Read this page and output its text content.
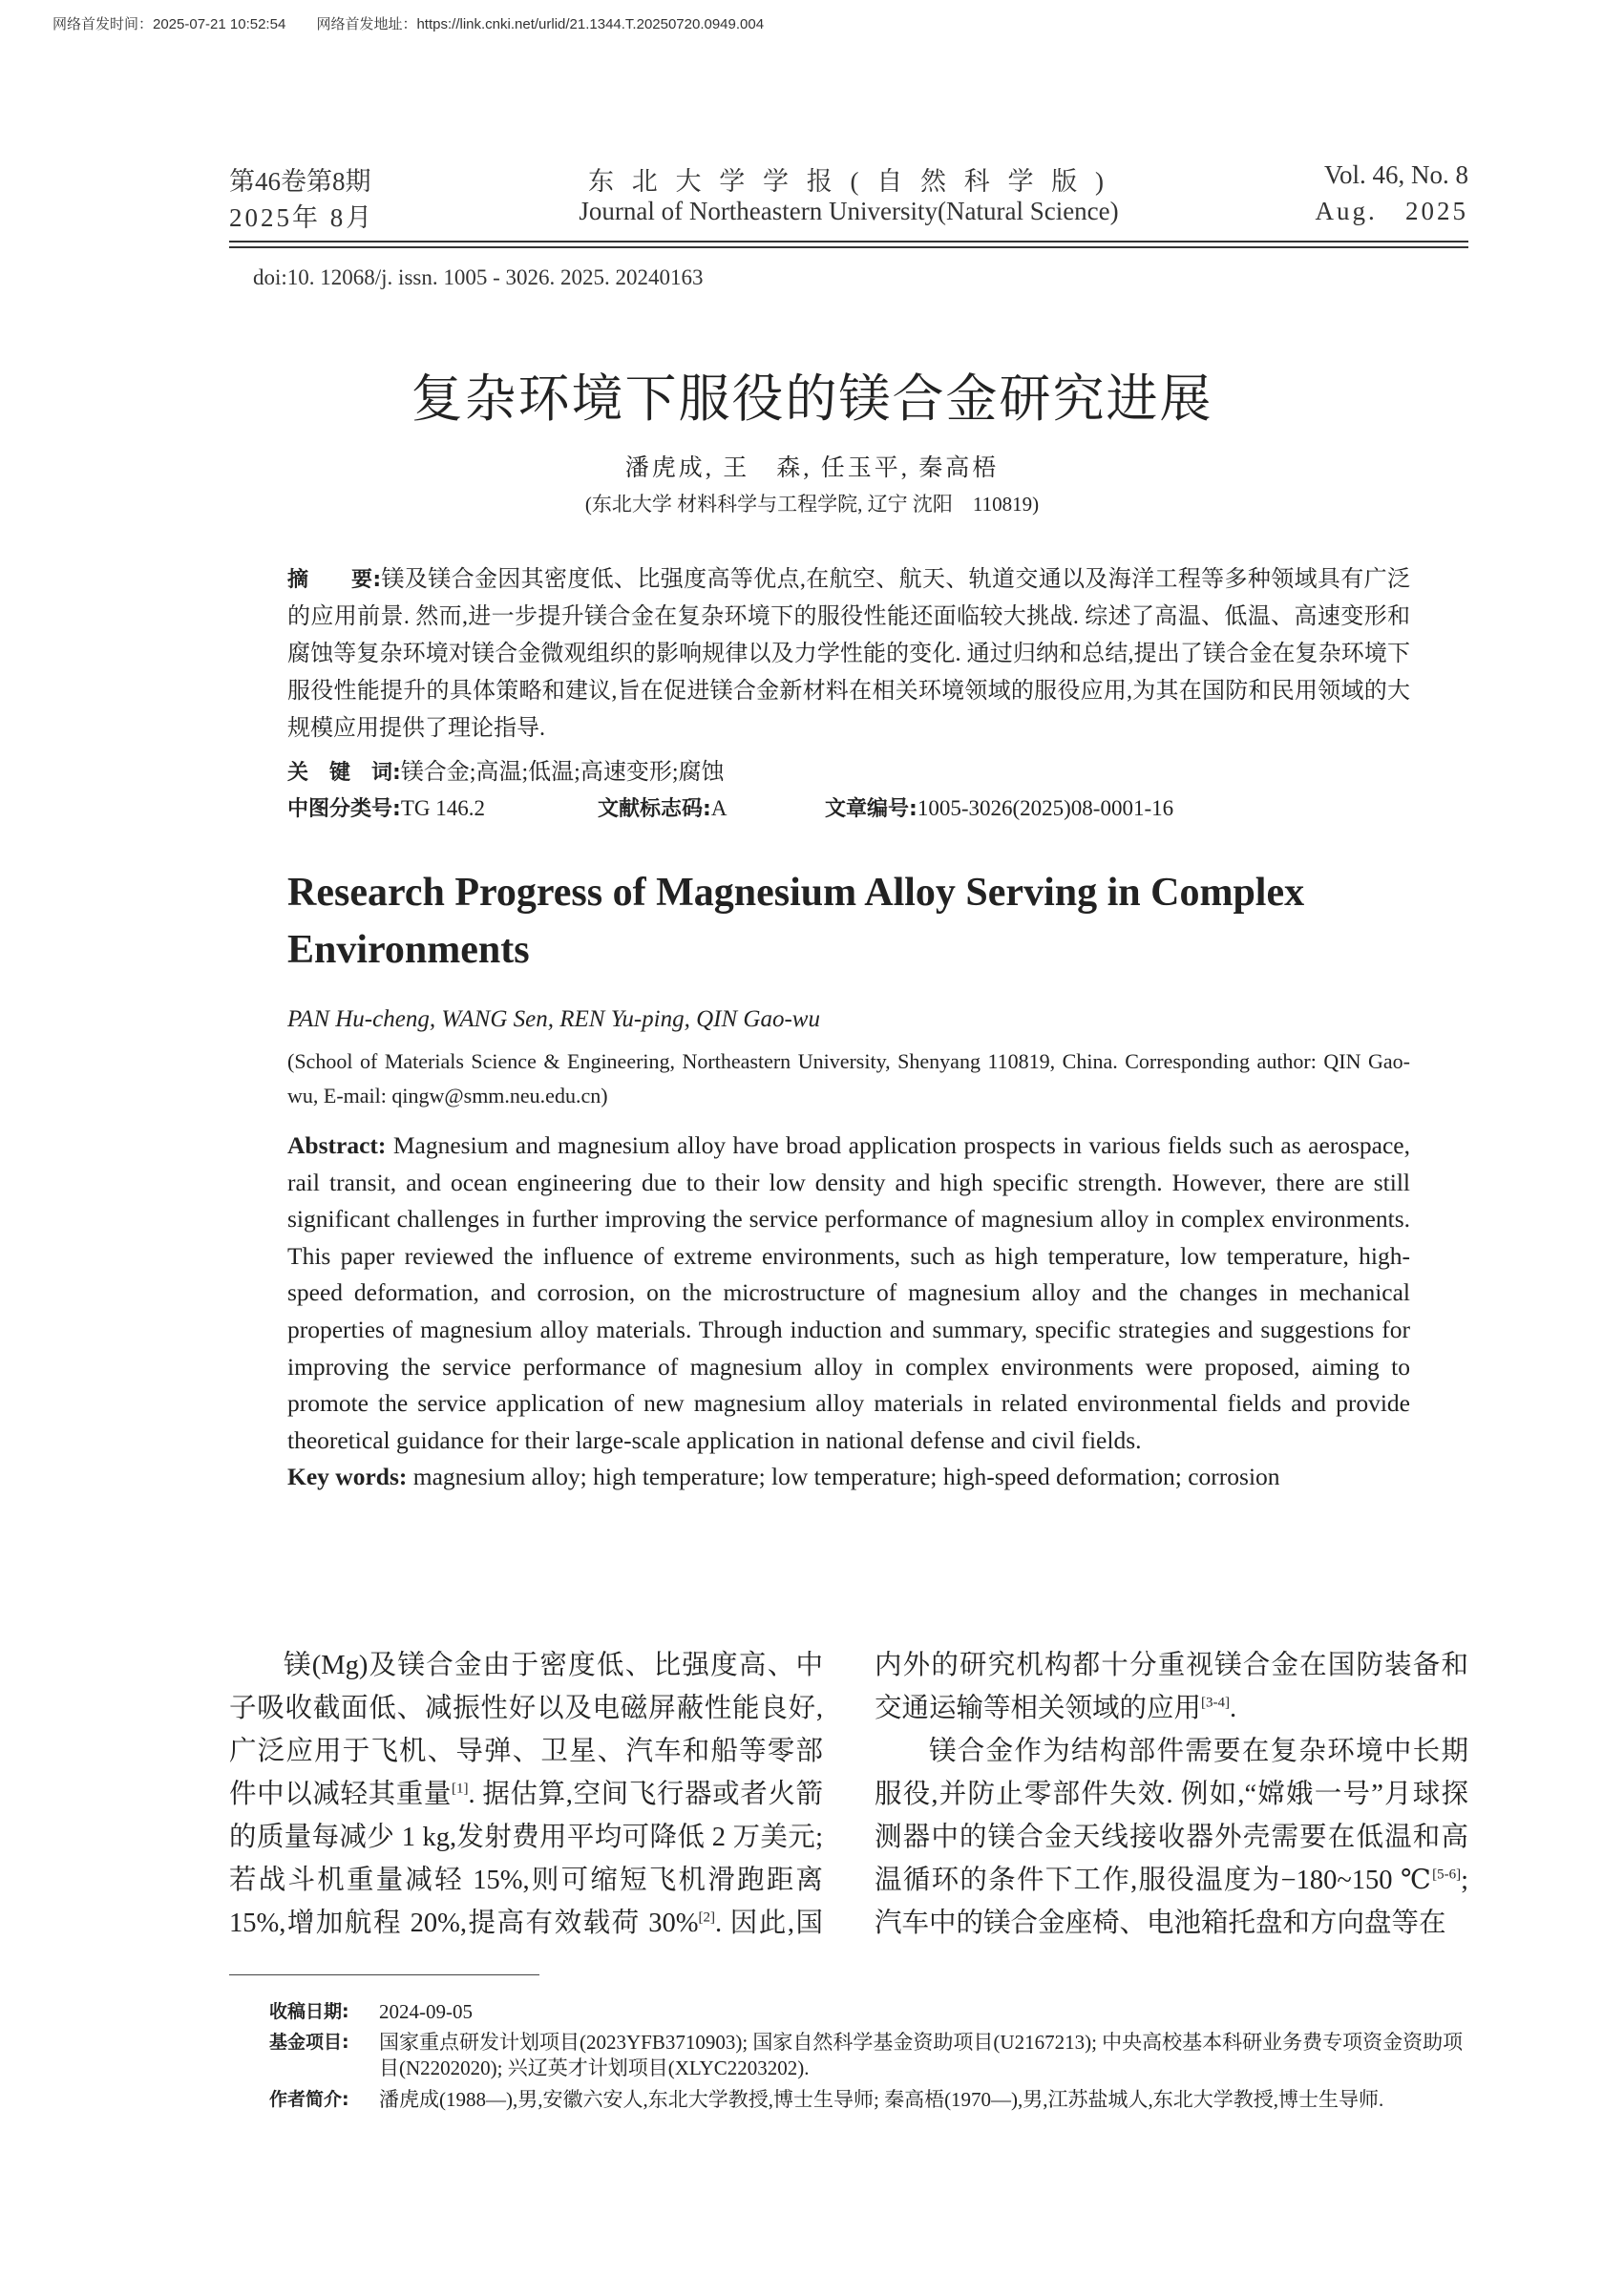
网络首发时间：2025-07-21 10:52:54 网络首发地址：https://link.cnki.net/urlid/21.1344.T.20250720.0949.004
第46卷第8期	东 北 大 学 学 报 ( 自 然 科 学 版 )	Vol. 46, No. 8
2025年 8月	Journal of Northeastern University(Natural Science)	Aug.   2025
doi:10. 12068/j. issn. 1005 - 3026. 2025. 20240163
复杂环境下服役的镁合金研究进展
潘虎成, 王　森, 任玉平, 秦高梧
(东北大学 材料科学与工程学院, 辽宁 沈阳　110819)
摘　　要:镁及镁合金因其密度低、比强度高等优点,在航空、航天、轨道交通以及海洋工程等多种领域具有广泛的应用前景. 然而,进一步提升镁合金在复杂环境下的服役性能还面临较大挑战. 综述了高温、低温、高速变形和腐蚀等复杂环境对镁合金微观组织的影响规律以及力学性能的变化. 通过归纳和总结,提出了镁合金在复杂环境下服役性能提升的具体策略和建议,旨在促进镁合金新材料在相关环境领域的服役应用,为其在国防和民用领域的大规模应用提供了理论指导.
关　键　词:镁合金;高温;低温;高速变形;腐蚀
中图分类号:TG 146.2	文献标志码:A	文章编号:1005-3026(2025)08-0001-16
Research Progress of Magnesium Alloy Serving in Complex Environments
PAN Hu-cheng, WANG Sen, REN Yu-ping, QIN Gao-wu
(School of Materials Science & Engineering, Northeastern University, Shenyang 110819, China. Corresponding author: QIN Gao-wu, E-mail: qingw@smm.neu.edu.cn)
Abstract: Magnesium and magnesium alloy have broad application prospects in various fields such as aerospace, rail transit, and ocean engineering due to their low density and high specific strength. However, there are still significant challenges in further improving the service performance of magnesium alloy in complex environments. This paper reviewed the influence of extreme environments, such as high temperature, low temperature, high-speed deformation, and corrosion, on the microstructure of magnesium alloy and the changes in mechanical properties of magnesium alloy materials. Through induction and summary, specific strategies and suggestions for improving the service performance of magnesium alloy in complex environments were proposed, aiming to promote the service application of new magnesium alloy materials in related environmental fields and provide theoretical guidance for their large-scale application in national defense and civil fields.
Key words: magnesium alloy; high temperature; low temperature; high-speed deformation; corrosion

镁(Mg)及镁合金由于密度低、比强度高、中子吸收截面低、减振性好以及电磁屏蔽性能良好,广泛应用于飞机、导弹、卫星、汽车和船等零部件中以减轻其重量[1]. 据估算,空间飞行器或者火箭的质量每减少 1 kg,发射费用平均可降低 2 万美元;若战斗机重量减轻 15%,则可缩短飞机滑跑距离 15%,增加航程 20%,提高有效载荷 30%[2]. 因此,国内外的研究机构都十分重视镁合金在国防装备和交通运输等相关领域的应用[3-4].

镁合金作为结构部件需要在复杂环境中长期服役,并防止零部件失效. 例如,“嫦娥一号”月球探测器中的镁合金天线接收器外壳需要在低温和高温循环的条件下工作,服役温度为−180~150 ℃[5-6];汽车中的镁合金座椅、电池箱托盘和方向盘等在

收稿日期: 2024-09-05
基金项目: 国家重点研发计划项目(2023YFB3710903); 国家自然科学基金资助项目(U2167213); 中央高校基本科研业务费专项资金资助项目(N2202020); 兴辽英才计划项目(XLYC2203202).
作者简介: 潘虎成(1988—),男,安徽六安人,东北大学教授,博士生导师; 秦高梧(1970—),男,江苏盐城人,东北大学教授,博士生导师.
